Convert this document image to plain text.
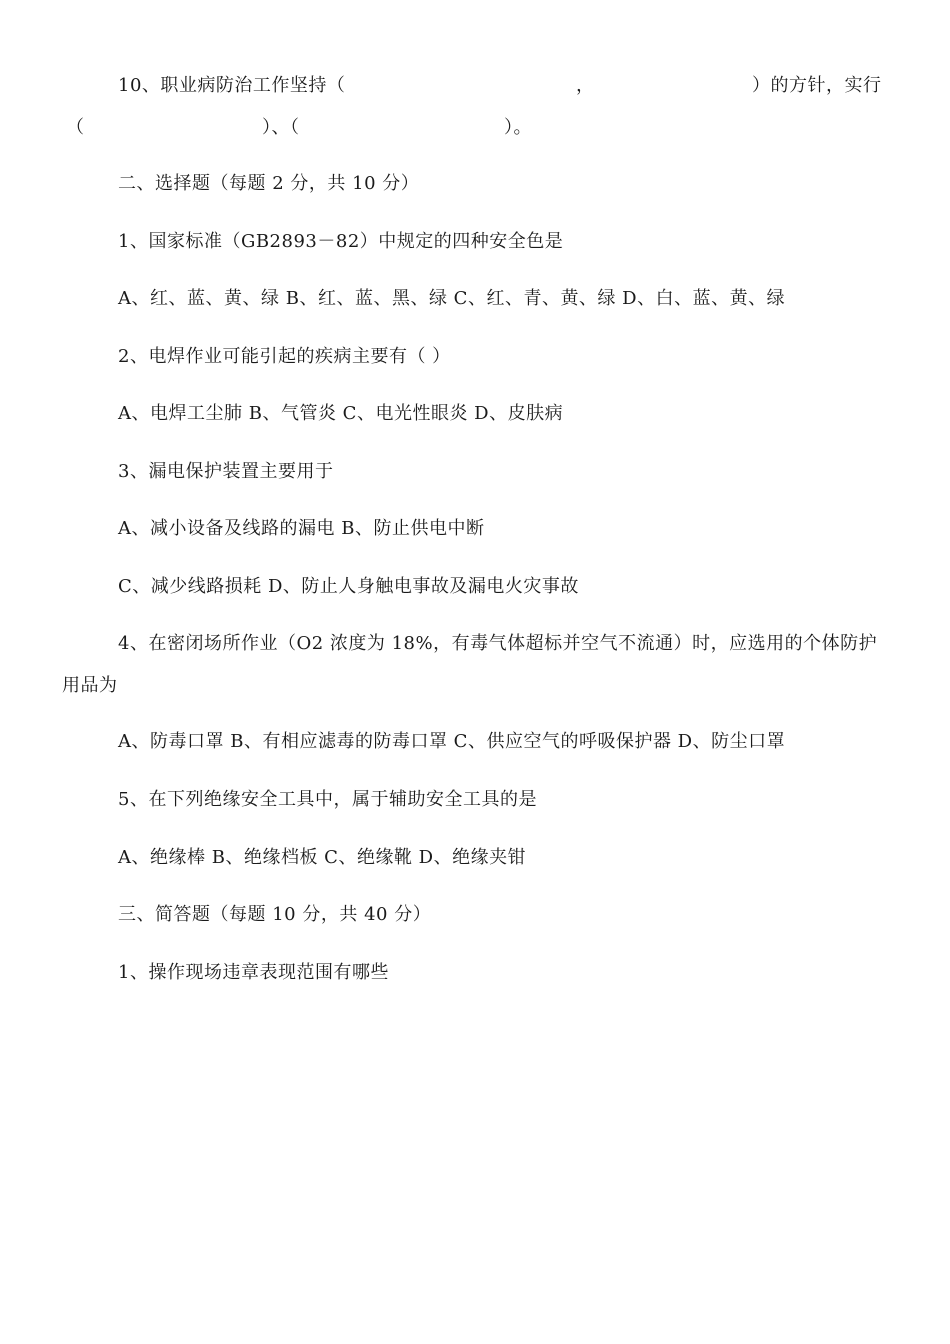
10、职业病防治工作坚持（	，	）的方针，实行
（	）、（	）。
二、选择题（每题 2 分，共 10 分）
1、国家标准（GB2893－82）中规定的四种安全色是
A、红、蓝、黄、绿 B、红、蓝、黑、绿 C、红、青、黄、绿 D、白、蓝、黄、绿
2、电焊作业可能引起的疾病主要有（ ）
A、电焊工尘肺 B、气管炎 C、电光性眼炎 D、皮肤病
3、漏电保护装置主要用于
A、减小设备及线路的漏电 B、防止供电中断
C、减少线路损耗 D、防止人身触电事故及漏电火灾事故
4、在密闭场所作业（O2 浓度为 18%，有毒气体超标并空气不流通）时，应选用的个体防护
用品为
A、防毒口罩 B、有相应滤毒的防毒口罩 C、供应空气的呼吸保护器 D、防尘口罩
5、在下列绝缘安全工具中，属于辅助安全工具的是
A、绝缘棒 B、绝缘档板 C、绝缘靴 D、绝缘夹钳
三、简答题（每题 10 分，共 40 分）
1、操作现场违章表现范围有哪些
